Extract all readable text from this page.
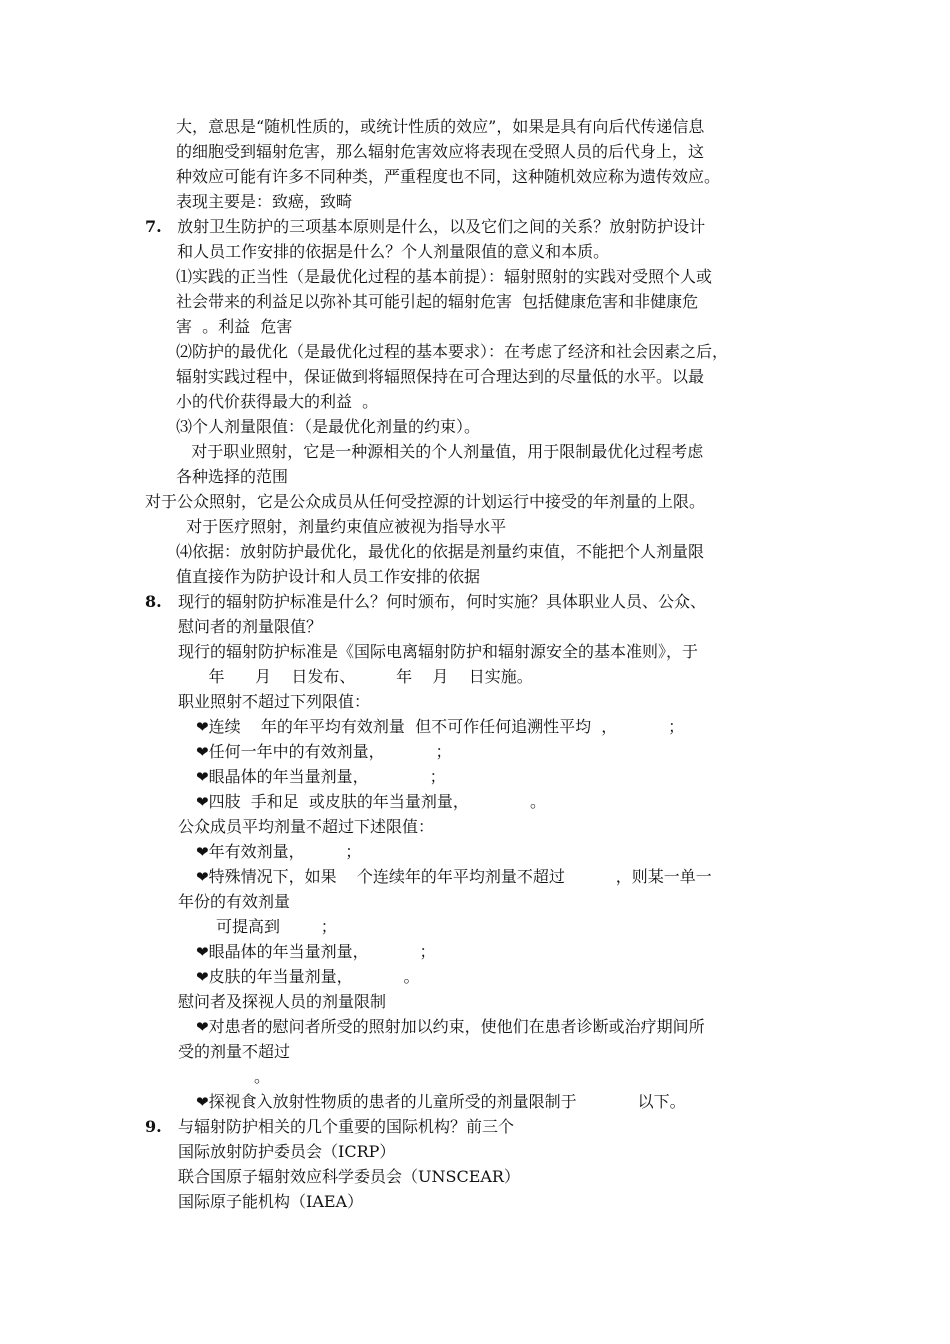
大，意思是“随机性质的，或统计性质的效应”，如果是具有向后代传递信息
的细胞受到辐射危害，那么辐射危害效应将表现在受照人员的后代身上，这
种效应可能有许多不同种类，严重程度也不同，这种随机效应称为遗传效应。
表现主要是：致癌，致畸
放射卫生防护的三项基本原则是什么，以及它们之间的关系？放射防护设计
和人员工作安排的依据是什么？个人剂量限值的意义和本质。
⑴实践的正当性（是最优化过程的基本前提）：辐射照射的实践对受照个人或
社会带来的利益足以弥补其可能引起的辐射危害  包括健康危害和非健康危
害  。利益  危害
⑵防护的最优化（是最优化过程的基本要求）：在考虑了经济和社会因素之后，
辐射实践过程中，保证做到将辐照保持在可合理达到的尽量低的水平。以最
小的代价获得最大的利益  。
⑶个人剂量限值：（是最优化剂量的约束）。
对于职业照射，它是一种源相关的个人剂量值，用于限制最优化过程考虑
各种选择的范围
对于公众照射，它是公众成员从任何受控源的计划运行中接受的年剂量的上限。
对于医疗照射，剂量约束值应被视为指导水平
⑷依据：放射防护最优化，最优化的依据是剂量约束值，不能把个人剂量限
值直接作为防护设计和人员工作安排的依据
现行的辐射防护标准是什么？何时颁布，何时实施？具体职业人员、公众、
慰问者的剂量限值？
现行的辐射防护标准是《国际电离辐射防护和辐射源安全的基本准则》，于
年      月    日发布、        年    月    日实施。
职业照射不超过下列限值：
❤连续    年的年平均有效剂量  但不可作任何追溯性平均  ，          ；
❤任何一年中的有效剂量，          ；
❤眼晶体的年当量剂量，            ；
❤四肢  手和足  或皮肤的年当量剂量，            。
公众成员平均剂量不超过下述限值：
❤年有效剂量，        ；
❤特殊情况下，如果    个连续年的年平均剂量不超过          ，则某一单一
年份的有效剂量
可提高到        ；
❤眼晶体的年当量剂量，          ；
❤皮肤的年当量剂量，          。
慰问者及探视人员的剂量限制
❤对患者的慰问者所受的照射加以约束，使他们在患者诊断或治疗期间所
受的剂量不超过
。
❤探视食入放射性物质的患者的儿童所受的剂量限制于            以下。
与辐射防护相关的几个重要的国际机构？前三个
国际放射防护委员会（ICRP）
联合国原子辐射效应科学委员会（UNSCEAR）
国际原子能机构（IAEA）
7.
8.
9.
